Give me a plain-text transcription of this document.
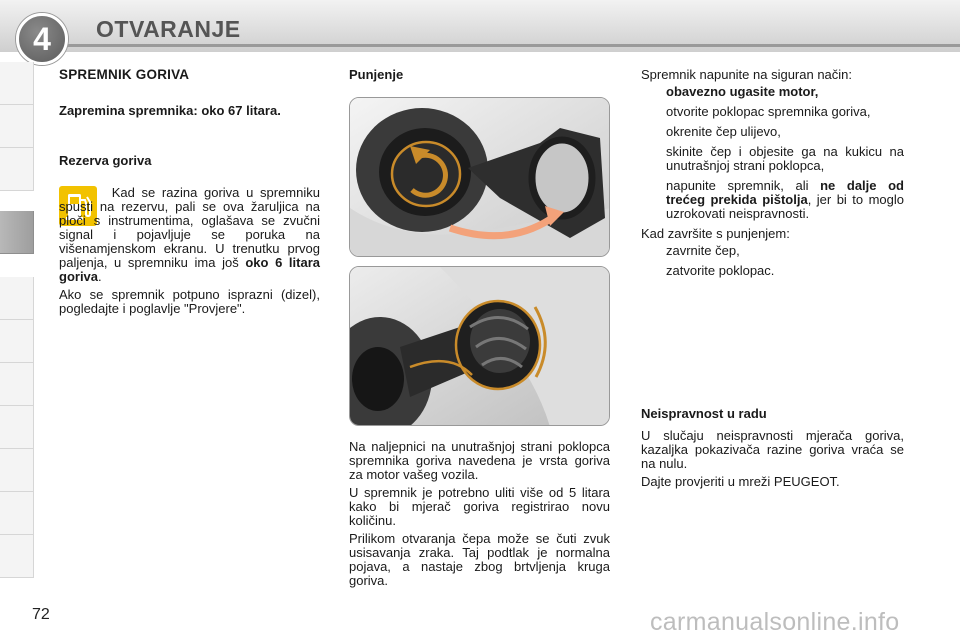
4 OTVARANJE
SPREMNIK GORIVA
Zapremina spremnika: oko 67 litara.
Rezerva goriva

Kad se razina goriva u spremniku spusti na rezervu, pali se ova žaruljica na ploči s instrumentima, oglašava se zvučni signal i pojavljuje se poruka na višenamjenskom ekranu. U trenutku prvog paljenja, u spremniku ima još oko 6 litara goriva.

Ako se spremnik potpuno isprazni (dizel), pogledajte i poglavlje "Provjere".

Punjenje

Na naljepnici na unutrašnjoj strani poklopca spremnika goriva navedena je vrsta goriva za motor vašeg vozila.

U spremnik je potrebno uliti više od 5 litara kako bi mjerač goriva registrirao novu količinu.

Prilikom otvaranja čepa može se čuti zvuk usisavanja zraka. Taj podtlak je normalna pojava, a nastaje zbog brtvljenja kruga goriva.

Spremnik napunite na siguran način:

obavezno ugasite motor,
otvorite poklopac spremnika goriva,
okrenite čep ulijevo,
skinite čep i objesite ga na kukicu na unutrašnjoj strani poklopca,
napunite spremnik, ali ne dalje od trećeg prekida pištolja, jer bi to moglo uzrokovati neispravnosti.

Kad završite s punjenjem:

zavrnite čep,
zatvorite poklopac.

Neispravnost u radu

U slučaju neispravnosti mjerača goriva, kazaljka pokazivača razine goriva vraća se na nulu.

Dajte provjeriti u mreži PEUGEOT.

72	carmanualsonline.info
